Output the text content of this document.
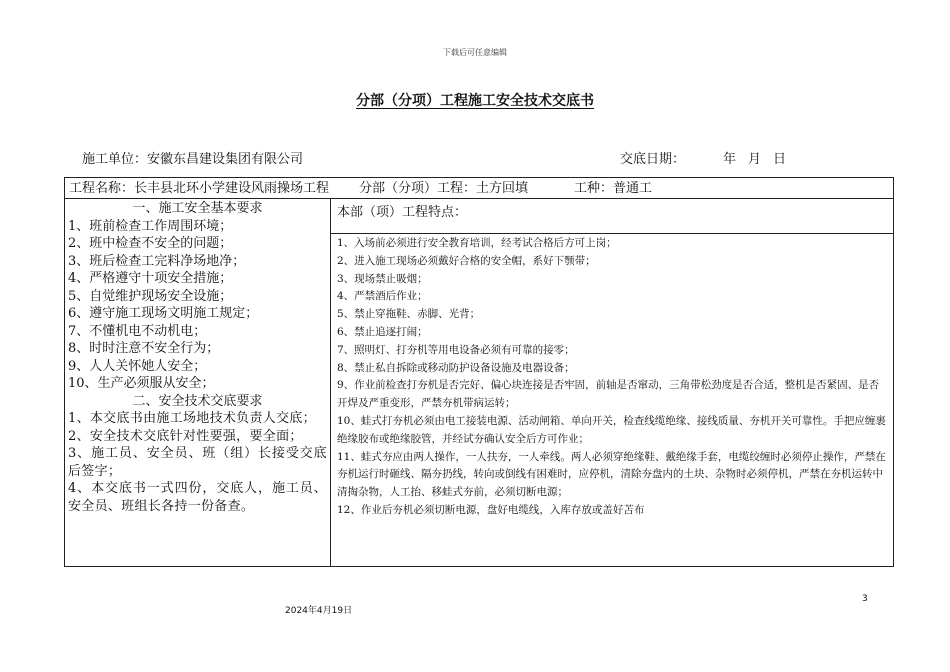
下载后可任意编辑
分部（分项）工程施工安全技术交底书
施工单位：安徽东昌建设集团有限公司	交底日期：	年 月 日
工程名称：长丰县北环小学建设风雨操场工程 分部（分项）工程：土方回填	工种：普通工

一、施工安全基本要求

1、班前检查工作周围环境；

2、班中检查不安全的问题；

3、班后检查工完料净场地净；

4、严格遵守十项安全措施；

5、自觉维护现场安全设施；

6、遵守施工现场文明施工规定；

7、不懂机电不动机电；

8、时时注意不安全行为；

9、人人关怀她人安全；

10、生产必须服从安全；

二、安全技术交底要求

1、本交底书由施工场地技术负责人交底；

2、安全技术交底针对性要强，要全面；

3、施工员、安全员、班（组）长接受交底后签字；

4、本交底书一式四份，交底人，施工员、安全员、班组长各持一份备查。

本部（项）工程特点：

1、入场前必须进行安全教育培训，经考试合格后方可上岗；

2、进入施工现场必须戴好合格的安全帽，系好下颚带；

3、现场禁止吸烟；

4、严禁酒后作业；

5、禁止穿拖鞋、赤脚、光背；

6、禁止追逐打闹；

7、照明灯、打夯机等用电设备必须有可靠的接零；

8、禁止私自拆除或移动防护设备设施及电器设备；

9、作业前检查打夯机是否完好、偏心块连接是否牢固，前轴是否窜动，三角带松劲度是否合适，整机是否紧固、是否开焊及严重变形，严禁夯机带病运转；

10、蛙式打夯机必须由电工接装电源、活动闸箱、单向开关，检查线缆绝缘、接线质量、夯机开关可靠性。手把应缠裹绝缘胶布或绝缘胶管，并经试夯确认安全后方可作业；

11、蛙式夯应由两人操作，一人扶夯，一人牵线。两人必须穿绝缘鞋、戴绝缘手套，电缆绞缠时必须停止操作，严禁在夯机运行时砸线、隔夯扔线，转向或倒线有困难时，应停机，清除夯盘内的土块、杂物时必须停机，严禁在夯机运转中清掏杂物，人工抬、移蛙式夯前，必须切断电源；

12、作业后夯机必须切断电源，盘好电缆线，入库存放或盖好苫布

3
2024年4月19日
